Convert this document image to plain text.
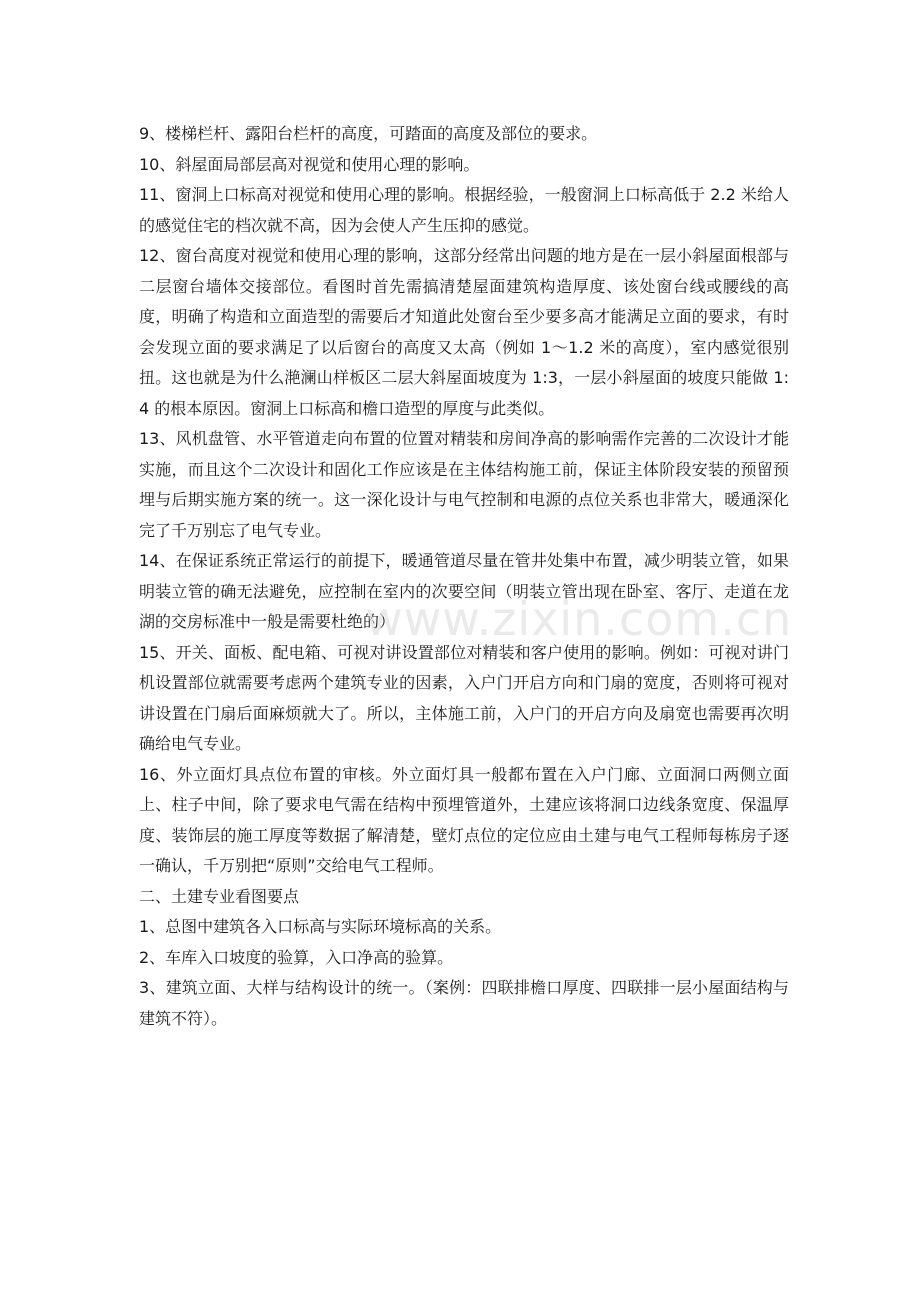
9、楼梯栏杆、露阳台栏杆的高度，可踏面的高度及部位的要求。

10、斜屋面局部层高对视觉和使用心理的影响。

11、窗洞上口标高对视觉和使用心理的影响。根据经验，一般窗洞上口标高低于 2.2 米给人的感觉住宅的档次就不高，因为会使人产生压抑的感觉。

12、窗台高度对视觉和使用心理的影响，这部分经常出问题的地方是在一层小斜屋面根部与二层窗台墙体交接部位。看图时首先需搞清楚屋面建筑构造厚度、该处窗台线或腰线的高度，明确了构造和立面造型的需要后才知道此处窗台至少要多高才能满足立面的要求，有时会发现立面的要求满足了以后窗台的高度又太高（例如 1～1.2 米的高度），室内感觉很别扭。这也就是为什么滟澜山样板区二层大斜屋面坡度为 1:3，一层小斜屋面的坡度只能做 1:4 的根本原因。窗洞上口标高和檐口造型的厚度与此类似。

13、风机盘管、水平管道走向布置的位置对精装和房间净高的影响需作完善的二次设计才能实施，而且这个二次设计和固化工作应该是在主体结构施工前，保证主体阶段安装的预留预埋与后期实施方案的统一。这一深化设计与电气控制和电源的点位关系也非常大，暖通深化完了千万别忘了电气专业。

14、在保证系统正常运行的前提下，暖通管道尽量在管井处集中布置，减少明装立管，如果明装立管的确无法避免，应控制在室内的次要空间（明装立管出现在卧室、客厅、走道在龙湖的交房标准中一般是需要杜绝的）

15、开关、面板、配电箱、可视对讲设置部位对精装和客户使用的影响。例如：可视对讲门机设置部位就需要考虑两个建筑专业的因素，入户门开启方向和门扇的宽度，否则将可视对讲设置在门扇后面麻烦就大了。所以，主体施工前，入户门的开启方向及扇宽也需要再次明确给电气专业。

16、外立面灯具点位布置的审核。外立面灯具一般都布置在入户门廊、立面洞口两侧立面上、柱子中间，除了要求电气需在结构中预埋管道外，土建应该将洞口边线条宽度、保温厚度、装饰层的施工厚度等数据了解清楚，壁灯点位的定位应由土建与电气工程师每栋房子逐一确认，千万别把“原则”交给电气工程师。

二、土建专业看图要点

1、总图中建筑各入口标高与实际环境标高的关系。

2、车库入口坡度的验算，入口净高的验算。

3、建筑立面、大样与结构设计的统一。（案例：四联排檐口厚度、四联排一层小屋面结构与建筑不符）。

www.zixin.com.cn
